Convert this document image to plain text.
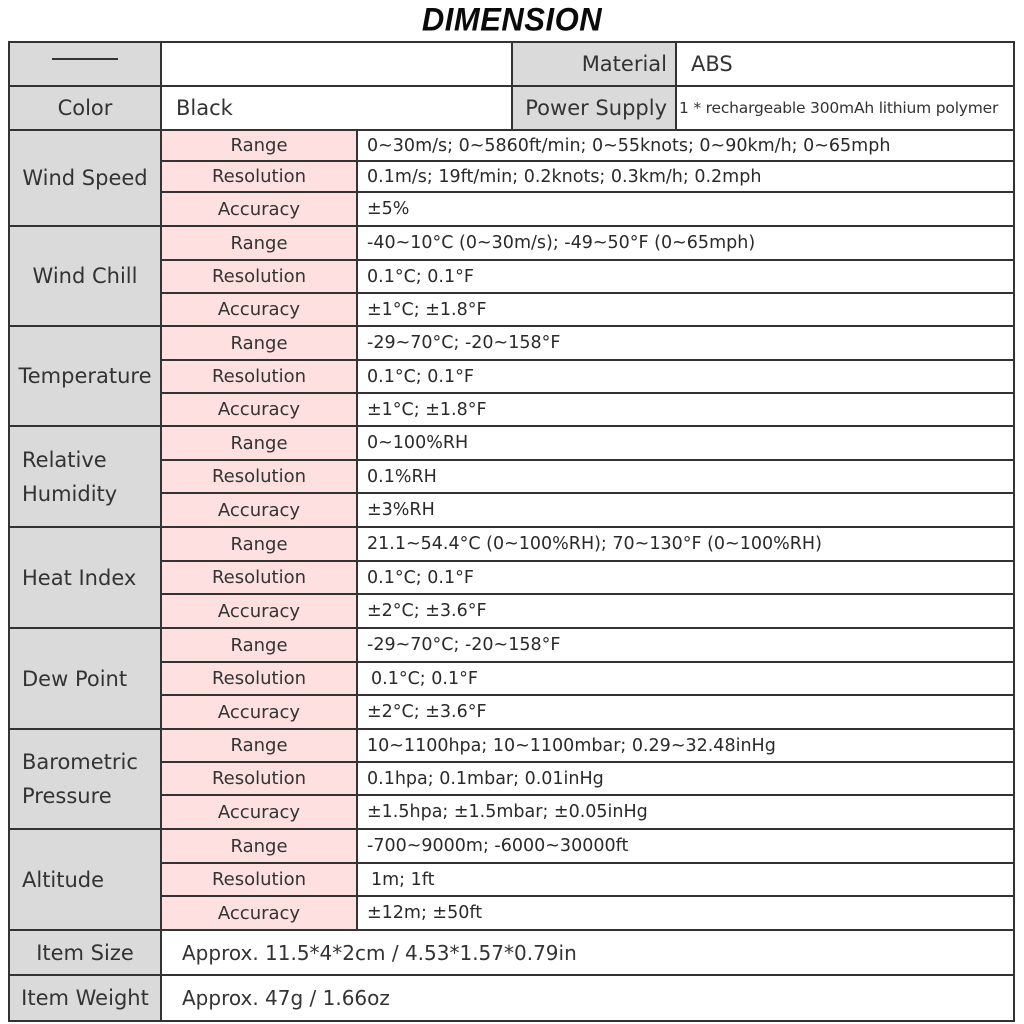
DIMENSION
			Material	ABS
Color	Black		Power Supply	1 * rechargeable 300mAh lithium polymer
Wind Speed	Range	0~30m/s; 0~5860ft/min; 0~55knots; 0~90km/h; 0~65mph		
	Resolution	0.1m/s; 19ft/min; 0.2knots; 0.3km/h; 0.2mph		
	Accuracy	±5%		
Wind Chill	Range	-40~10°C (0~30m/s); -49~50°F (0~65mph)		
	Resolution	0.1°C; 0.1°F		
	Accuracy	±1°C; ±1.8°F		
Temperature	Range	-29~70°C; -20~158°F		
	Resolution	0.1°C; 0.1°F		
	Accuracy	±1°C; ±1.8°F		
Relative Humidity	Range	0~100%RH		
	Resolution	0.1%RH		
	Accuracy	±3%RH		
Heat Index	Range	21.1~54.4°C (0~100%RH); 70~130°F (0~100%RH)		
	Resolution	0.1°C; 0.1°F		
	Accuracy	±2°C; ±3.6°F		
Dew Point	Range	-29~70°C; -20~158°F		
	Resolution	0.1°C; 0.1°F		
	Accuracy	±2°C; ±3.6°F		
Barometric Pressure	Range	10~1100hpa; 10~1100mbar; 0.29~32.48inHg		
	Resolution	0.1hpa; 0.1mbar; 0.01inHg		
	Accuracy	±1.5hpa; ±1.5mbar; ±0.05inHg		
Altitude	Range	-700~9000m; -6000~30000ft		
	Resolution	1m; 1ft		
	Accuracy	±12m; ±50ft		
Item Size	Approx. 11.5*4*2cm / 4.53*1.57*0.79in			
Item Weight	Approx. 47g / 1.66oz			
